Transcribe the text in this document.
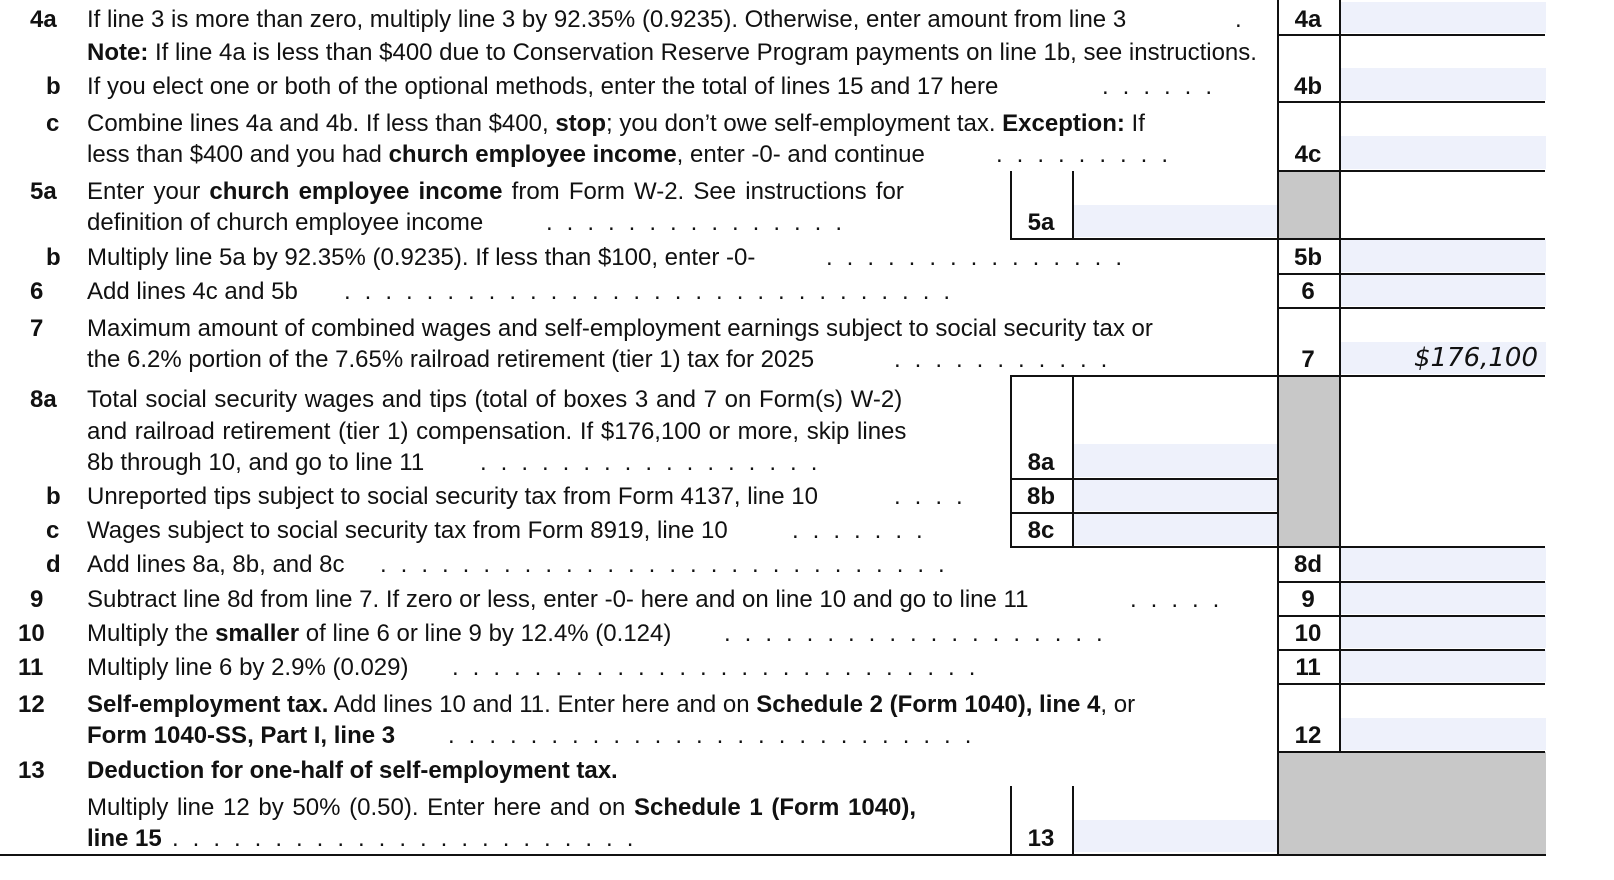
4a If line 3 is more than zero, multiply line 3 by 92.35% (0.9235). Otherwise, enter amount from line 3	.	4a
Note: If line 4a is less than $400 due to Conservation Reserve Program payments on line 1b, see instructions.
b If you elect one or both of the optional methods, enter the total of lines 15 and 17 here	......	4b
c Combine lines 4a and 4b. If less than $400, stop; you don’t owe self-employment tax. Exception: If
less than $400 and you had church employee income, enter -0- and continue	.........	4c
5a Enter your church employee income from Form W-2. See instructions for
definition of church employee income	...............	5a
b Multiply line 5a by 92.35% (0.9235). If less than $100, enter -0-	...............	5b
6 Add lines 4c and 5b ..............................	6
7 Maximum amount of combined wages and self-employment earnings subject to social security tax or
the 6.2% portion of the 7.65% railroad retirement (tier 1) tax for 2025	...........	7	$176,100
8a Total social security wages and tips (total of boxes 3 and 7 on Form(s) W-2)
and railroad retirement (tier 1) compensation. If $176,100 or more, skip lines
8b through 10, and go to line 11 .................	8a
b Unreported tips subject to social security tax from Form 4137, line 10	....	8b
c Wages subject to social security tax from Form 8919, line 10	.......	8c
d Add lines 8a, 8b, and 8c ............................	8d
9 Subtract line 8d from line 7. If zero or less, enter -0- here and on line 10 and go to line 11	.....	9
10 Multiply the smaller of line 6 or line 9 by 12.4% (0.124) ...................	10
11 Multiply line 6 by 2.9% (0.029) ..........................	11
12 Self-employment tax. Add lines 10 and 11. Enter here and on Schedule 2 (Form 1040), line 4, or
Form 1040-SS, Part I, line 3 ..........................	12
13 Deduction for one-half of self-employment tax.
Multiply line 12 by 50% (0.50). Enter here and on Schedule 1 (Form 1040),
line 15 .......................	13
